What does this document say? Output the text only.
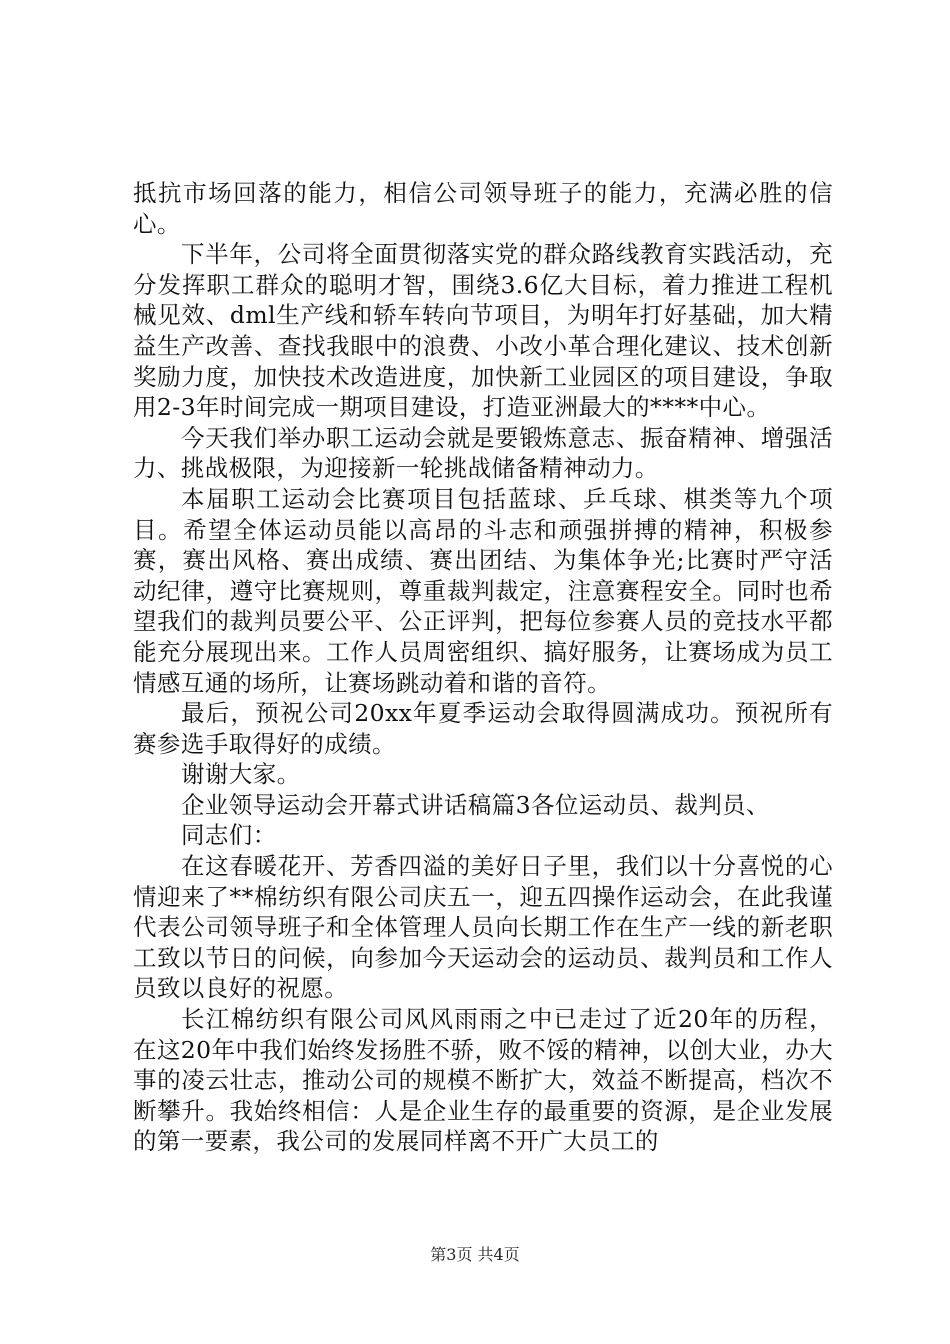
抵抗市场回落的能力，相信公司领导班子的能力，充满必胜的信心。

下半年，公司将全面贯彻落实党的群众路线教育实践活动，充分发挥职工群众的聪明才智，围绕3.6亿大目标，着力推进工程机械见效、dml生产线和轿车转向节项目，为明年打好基础，加大精益生产改善、查找我眼中的浪费、小改小革合理化建议、技术创新奖励力度，加快技术改造进度，加快新工业园区的项目建设，争取用2-3年时间完成一期项目建设，打造亚洲最大的****中心。

今天我们举办职工运动会就是要锻炼意志、振奋精神、增强活力、挑战极限，为迎接新一轮挑战储备精神动力。

本届职工运动会比赛项目包括蓝球、乒乓球、棋类等九个项目。希望全体运动员能以高昂的斗志和顽强拼搏的精神，积极参赛，赛出风格、赛出成绩、赛出团结、为集体争光;比赛时严守活动纪律，遵守比赛规则，尊重裁判裁定，注意赛程安全。同时也希望我们的裁判员要公平、公正评判，把每位参赛人员的竞技水平都能充分展现出来。工作人员周密组织、搞好服务，让赛场成为员工情感互通的场所，让赛场跳动着和谐的音符。

最后，预祝公司20xx年夏季运动会取得圆满成功。预祝所有赛参选手取得好的成绩。

谢谢大家。

企业领导运动会开幕式讲话稿篇3各位运动员、裁判员、

同志们：

在这春暖花开、芳香四溢的美好日子里，我们以十分喜悦的心情迎来了**棉纺织有限公司庆五一，迎五四操作运动会，在此我谨代表公司领导班子和全体管理人员向长期工作在生产一线的新老职工致以节日的问候，向参加今天运动会的运动员、裁判员和工作人员致以良好的祝愿。

长江棉纺织有限公司风风雨雨之中已走过了近20年的历程，在这20年中我们始终发扬胜不骄，败不馁的精神，以创大业，办大事的凌云壮志，推动公司的规模不断扩大，效益不断提高，档次不断攀升。我始终相信：人是企业生存的最重要的资源，是企业发展的第一要素，我公司的发展同样离不开广大员工的

第3页 共4页
